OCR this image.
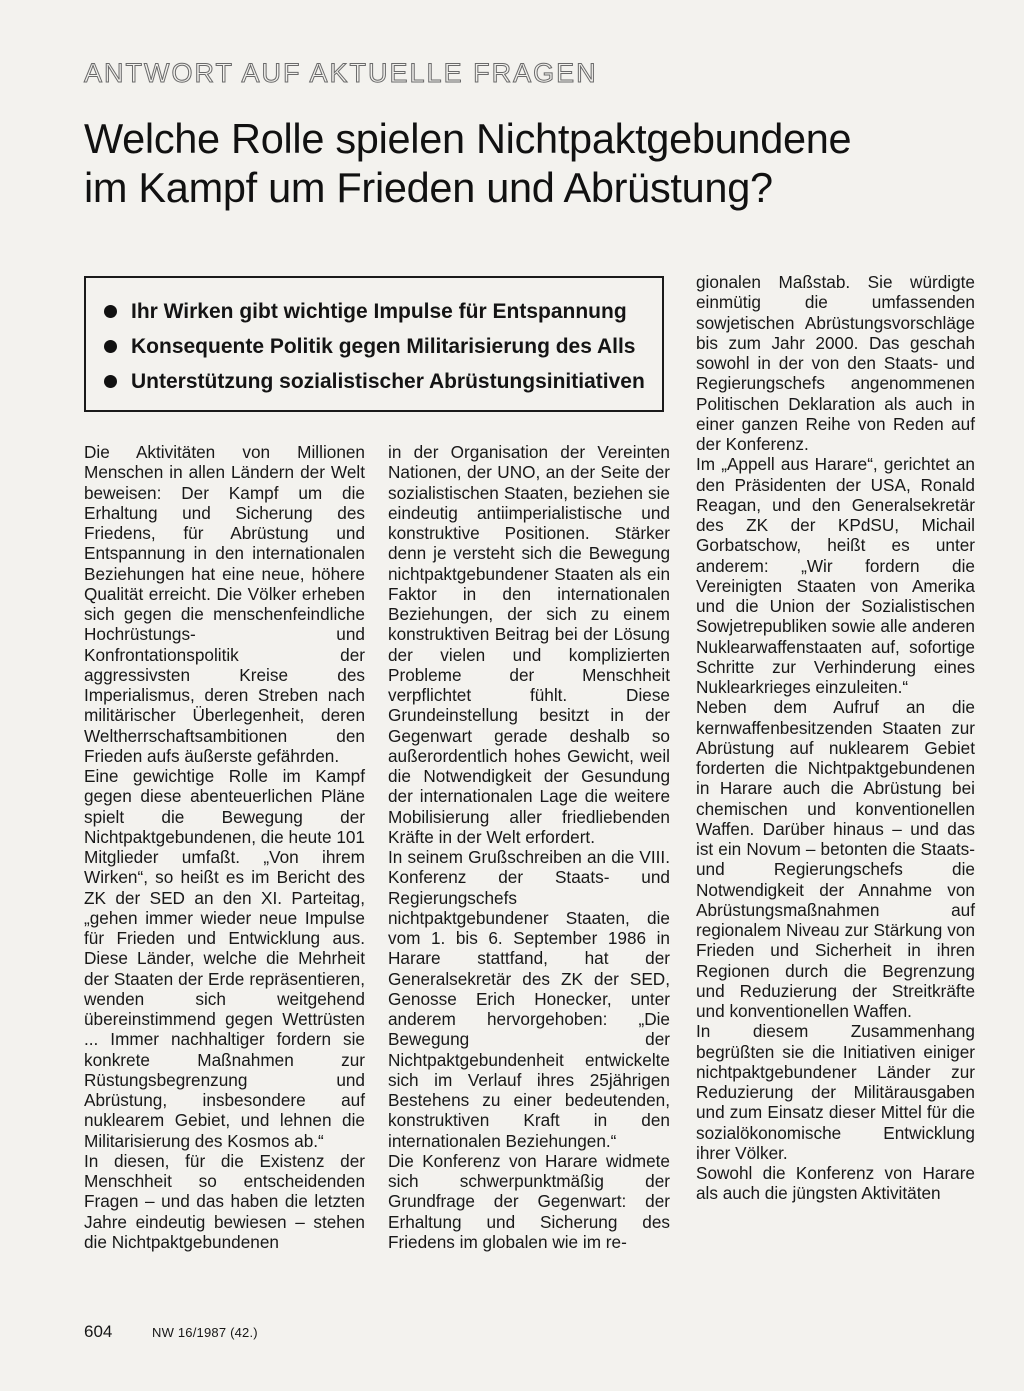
ANTWORT AUF AKTUELLE FRAGEN
Welche Rolle spielen Nichtpaktgebundene
im Kampf um Frieden und Abrüstung?
Ihr Wirken gibt wichtige Impulse für Entspannung
Konsequente Politik gegen Militarisierung des Alls
Unterstützung sozialistischer Abrüstungsinitiativen

Die Aktivitäten von Millionen Menschen in allen Ländern der Welt beweisen: Der Kampf um die Erhaltung und Sicherung des Friedens, für Abrüstung und Entspannung in den internationalen Beziehungen hat eine neue, höhere Qualität erreicht. Die Völker erheben sich gegen die menschenfeindliche Hochrüstungs- und Konfrontationspolitik der aggressivsten Kreise des Imperialismus, deren Streben nach militärischer Überlegenheit, deren Weltherrschaftsambitionen den Frieden aufs äußerste gefährden.

Eine gewichtige Rolle im Kampf gegen diese abenteuerlichen Pläne spielt die Bewegung der Nichtpaktgebundenen, die heute 101 Mitglieder umfaßt. „Von ihrem Wirken“, so heißt es im Bericht des ZK der SED an den XI. Parteitag, „gehen immer wieder neue Impulse für Frieden und Entwicklung aus. Diese Länder, welche die Mehrheit der Staaten der Erde repräsentieren, wenden sich weitgehend übereinstimmend gegen Wettrüsten ... Immer nachhaltiger fordern sie konkrete Maßnahmen zur Rüstungsbegrenzung und Abrüstung, insbesondere auf nuklearem Gebiet, und lehnen die Militarisierung des Kosmos ab.“

In diesen, für die Existenz der Menschheit so entscheidenden Fragen – und das haben die letzten Jahre eindeutig bewiesen – stehen die Nichtpaktgebundenen

in der Organisation der Vereinten Nationen, der UNO, an der Seite der sozialistischen Staaten, beziehen sie eindeutig antiimperialistische und konstruktive Positionen. Stärker denn je versteht sich die Bewegung nichtpaktgebundener Staaten als ein Faktor in den internationalen Beziehungen, der sich zu einem konstruktiven Beitrag bei der Lösung der vielen und komplizierten Probleme der Menschheit verpflichtet fühlt. Diese Grundeinstellung besitzt in der Gegenwart gerade deshalb so außerordentlich hohes Gewicht, weil die Notwendigkeit der Gesundung der internationalen Lage die weitere Mobilisierung aller friedliebenden Kräfte in der Welt erfordert.

In seinem Grußschreiben an die VIII. Konferenz der Staats- und Regierungschefs nichtpaktgebundener Staaten, die vom 1. bis 6. September 1986 in Harare stattfand, hat der Generalsekretär des ZK der SED, Genosse Erich Honecker, unter anderem hervorgehoben: „Die Bewegung der Nichtpaktgebundenheit entwickelte sich im Verlauf ihres 25jährigen Bestehens zu einer bedeutenden, konstruktiven Kraft in den internationalen Beziehungen.“

Die Konferenz von Harare widmete sich schwerpunktmäßig der Grundfrage der Gegenwart: der Erhaltung und Sicherung des Friedens im globalen wie im re-

gionalen Maßstab. Sie würdigte einmütig die umfassenden sowjetischen Abrüstungsvorschläge bis zum Jahr 2000. Das geschah sowohl in der von den Staats- und Regierungschefs angenommenen Politischen Deklaration als auch in einer ganzen Reihe von Reden auf der Konferenz.

Im „Appell aus Harare“, gerichtet an den Präsidenten der USA, Ronald Reagan, und den Generalsekretär des ZK der KPdSU, Michail Gorbatschow, heißt es unter anderem: „Wir fordern die Vereinigten Staaten von Amerika und die Union der Sozialistischen Sowjetrepubliken sowie alle anderen Nuklearwaffenstaaten auf, sofortige Schritte zur Verhinderung eines Nuklearkrieges einzuleiten.“

Neben dem Aufruf an die kernwaffenbesitzenden Staaten zur Abrüstung auf nuklearem Gebiet forderten die Nichtpaktgebundenen in Harare auch die Abrüstung bei chemischen und konventionellen Waffen. Darüber hinaus – und das ist ein Novum – betonten die Staats- und Regierungschefs die Notwendigkeit der Annahme von Abrüstungsmaßnahmen auf regionalem Niveau zur Stärkung von Frieden und Sicherheit in ihren Regionen durch die Begrenzung und Reduzierung der Streitkräfte und konventionellen Waffen.

In diesem Zusammenhang begrüßten sie die Initiativen einiger nichtpaktgebundener Länder zur Reduzierung der Militärausgaben und zum Einsatz dieser Mittel für die sozialökonomische Entwicklung ihrer Völker.

Sowohl die Konferenz von Harare als auch die jüngsten Aktivitäten

604	NW 16/1987 (42.)
